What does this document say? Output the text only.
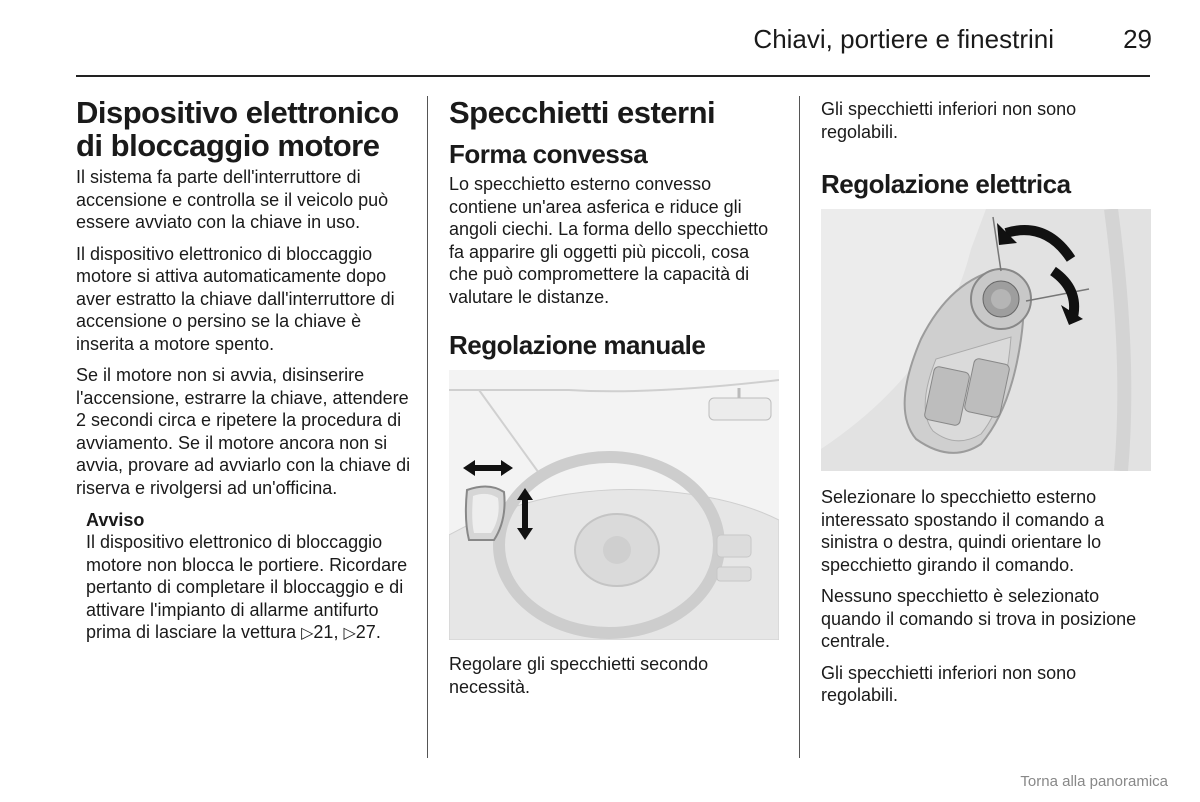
Chiavi, portiere e finestrini	29
Dispositivo elettronico di bloccaggio motore

Il sistema fa parte dell'interruttore di accensione e controlla se il veicolo può essere avviato con la chiave in uso.

Il dispositivo elettronico di bloccaggio motore si attiva automaticamente dopo aver estratto la chiave dall'interruttore di accensione o persino se la chiave è inserita a motore spento.

Se il motore non si avvia, disinserire l'accensione, estrarre la chiave, attendere 2 secondi circa e ripetere la procedura di avviamento. Se il motore ancora non si avvia, provare ad avviarlo con la chiave di riserva e rivolgersi ad un'officina.

Avviso

Il dispositivo elettronico di bloccaggio motore non blocca le portiere. Ricordare pertanto di completare il bloccaggio e di attivare l'impianto di allarme antifurto prima di lasciare la vettura ▷21, ▷27.

Specchietti esterni
Forma convessa

Lo specchietto esterno convesso contiene un'area asferica e riduce gli angoli ciechi. La forma dello specchietto fa apparire gli oggetti più piccoli, cosa che può compromettere la capacità di valutare le distanze.

Regolazione manuale

Regolare gli specchietti secondo necessità.

Gli specchietti inferiori non sono regolabili.

Regolazione elettrica

Selezionare lo specchietto esterno interessato spostando il comando a sinistra o destra, quindi orientare lo specchietto girando il comando.

Nessuno specchietto è selezionato quando il comando si trova in posizione centrale.

Gli specchietti inferiori non sono regolabili.

Torna alla panoramica
